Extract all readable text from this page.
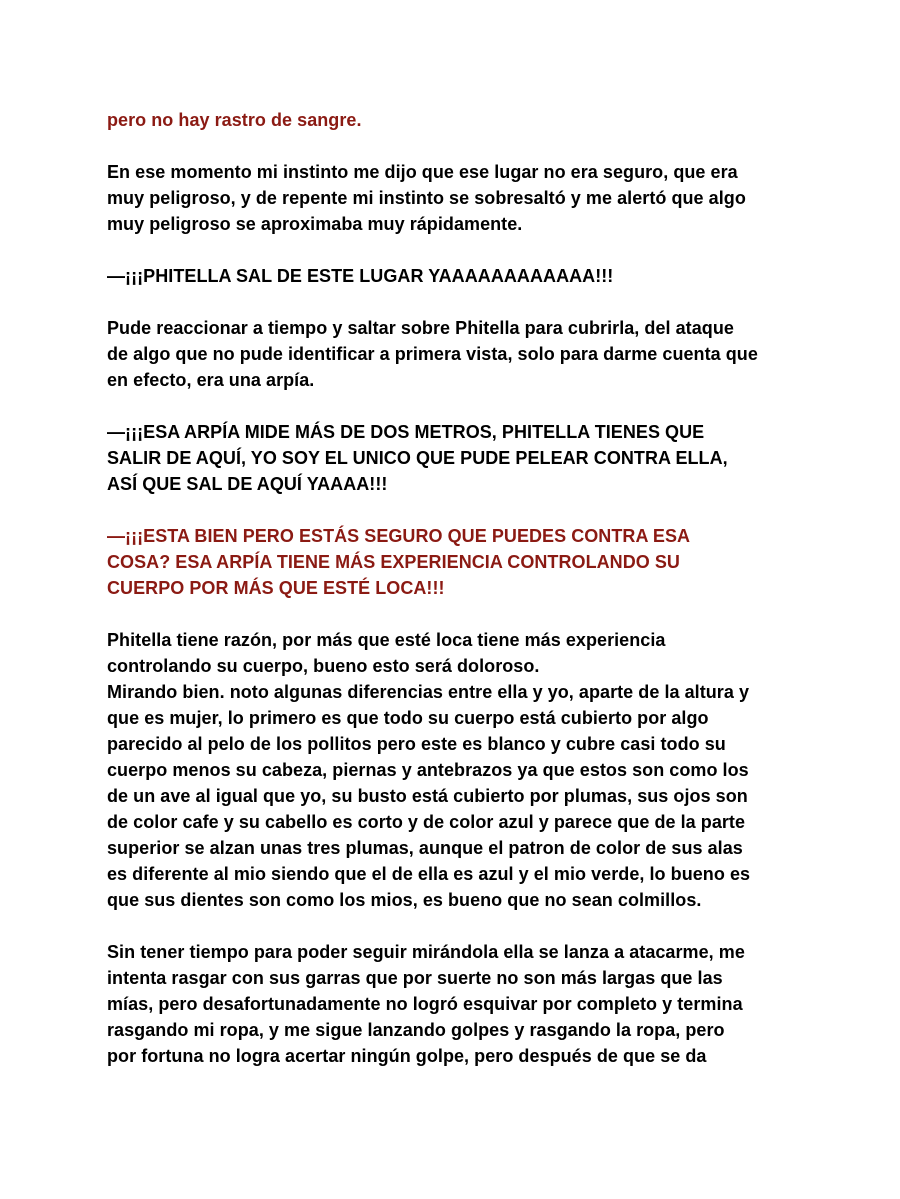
pero no hay rastro de sangre.
En ese momento mi instinto me dijo que ese lugar no era seguro, que era
muy peligroso, y de repente mi instinto se sobresaltó y me alertó que algo
muy peligroso se aproximaba muy rápidamente.
—¡¡¡PHITELLA SAL DE ESTE LUGAR YAAAAAAAAAAAA!!!
Pude reaccionar a tiempo y saltar sobre Phitella para cubrirla, del ataque
de algo que no pude identificar a primera vista, solo para darme cuenta que
en efecto, era una arpía.
—¡¡¡ESA ARPÍA MIDE MÁS DE DOS METROS, PHITELLA TIENES QUE
SALIR DE AQUÍ, YO SOY EL UNICO QUE PUDE PELEAR CONTRA ELLA,
ASÍ QUE SAL DE AQUÍ YAAAA!!!
—¡¡¡ESTA BIEN PERO ESTÁS SEGURO QUE PUEDES CONTRA ESA
COSA? ESA ARPÍA TIENE MÁS EXPERIENCIA CONTROLANDO SU
CUERPO POR MÁS QUE ESTÉ LOCA!!!
Phitella tiene razón, por más que esté loca tiene más experiencia
controlando su cuerpo, bueno esto será doloroso.
Mirando bien. noto algunas diferencias entre ella y yo, aparte de la altura y
que es mujer, lo primero es que todo su cuerpo está cubierto por algo
parecido al pelo de los pollitos pero este es blanco y cubre casi todo su
cuerpo menos su cabeza, piernas y antebrazos ya que estos son como los
de un ave al igual que yo, su busto está cubierto por plumas, sus ojos son
de color cafe y su cabello es corto y de color azul y parece que de la parte
superior se alzan unas tres plumas, aunque el patron de color de sus alas
es diferente al mio siendo que el de ella es azul y el mio verde, lo bueno es
que sus dientes son como los mios, es bueno que no sean colmillos.
Sin tener tiempo para poder seguir mirándola ella se lanza a atacarme, me
intenta rasgar con sus garras que por suerte no son más largas que las
mías, pero desafortunadamente no logró esquivar por completo y termina
rasgando mi ropa, y me sigue lanzando golpes y rasgando la ropa, pero
por fortuna no logra acertar ningún golpe, pero después de que se da
